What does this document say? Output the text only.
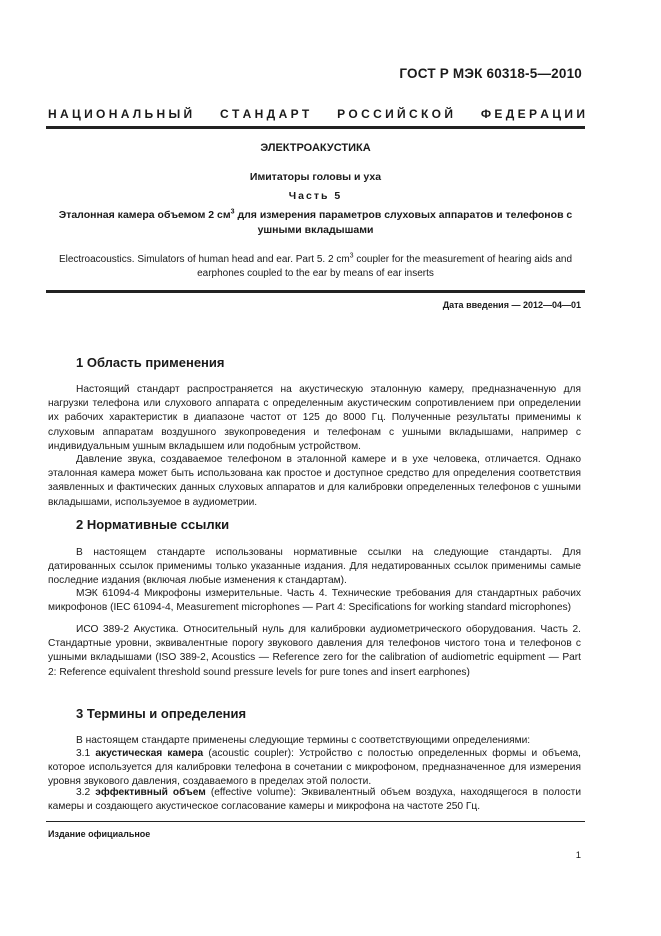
ГОСТ Р МЭК 60318-5—2010
Н А Ц И О Н А Л Ь Н Ы Й С Т А Н Д А Р Т Р О С С И Й С К О Й Ф Е Д Е Р А Ц И И
ЭЛЕКТРОАКУСТИКА
Имитаторы головы и уха
Часть 5
Эталонная камера объемом 2 $см^3$ для измерения параметров слуховых аппаратов и телефонов с ушными вкладышами
Electroacoustics. Simulators of human head and ear. Part 5. 2 $cm^3$ coupler for the measurement of hearing aids and earphones coupled to the ear by means of ear inserts
Дата введения — 2012—04—01
1 Область применения
Настоящий стандарт распространяется на акустическую эталонную камеру, предназначенную для нагрузки телефона или слухового аппарата с определенным акустическим сопротивлением при определении их рабочих характеристик в диапазоне частот от 125 до 8000 Гц. Полученные результаты применимы к слуховым аппаратам воздушного звукопроведения и телефонам с ушными вкладышами, например с индивидуальным ушным вкладышем или подобным устройством.
Давление звука, создаваемое телефоном в эталонной камере и в ухе человека, отличается. Однако эталонная камера может быть использована как простое и доступное средство для определения соответствия заявленных и фактических данных слуховых аппаратов и для калибровки определенных телефонов с ушными вкладышами, используемое в аудиометрии.
2 Нормативные ссылки
В настоящем стандарте использованы нормативные ссылки на следующие стандарты. Для датированных ссылок применимы только указанные издания. Для недатированных ссылок применимы самые последние издания (включая любые изменения к стандартам).
МЭК 61094-4 Микрофоны измерительные. Часть 4. Технические требования для стандартных рабочих микрофонов (IEC 61094-4, Measurement microphones — Part 4: Specifications for working standard microphones)
ИСО 389-2 Акустика. Относительный нуль для калибровки аудиометрического оборудования. Часть 2. Стандартные уровни, эквивалентные порогу звукового давления для телефонов чистого тона и телефонов с ушными вкладышами (ISO 389-2, Acoustics — Reference zero for the calibration of audiometric equipment — Part 2: Reference equivalent threshold sound pressure levels for pure tones and insert earphones)
3 Термины и определения
В настоящем стандарте применены следующие термины с соответствующими определениями:
3.1 акустическая камера (acoustic coupler): Устройство с полостью определенных формы и объема, которое используется для калибровки телефона в сочетании с микрофоном, предназначенное для измерения уровня звукового давления, создаваемого в пределах этой полости.
3.2 эффективный объем (effective volume): Эквивалентный объем воздуха, находящегося в полости камеры и создающего акустическое согласование камеры и микрофона на частоте 250 Гц.
Издание официальное
1
